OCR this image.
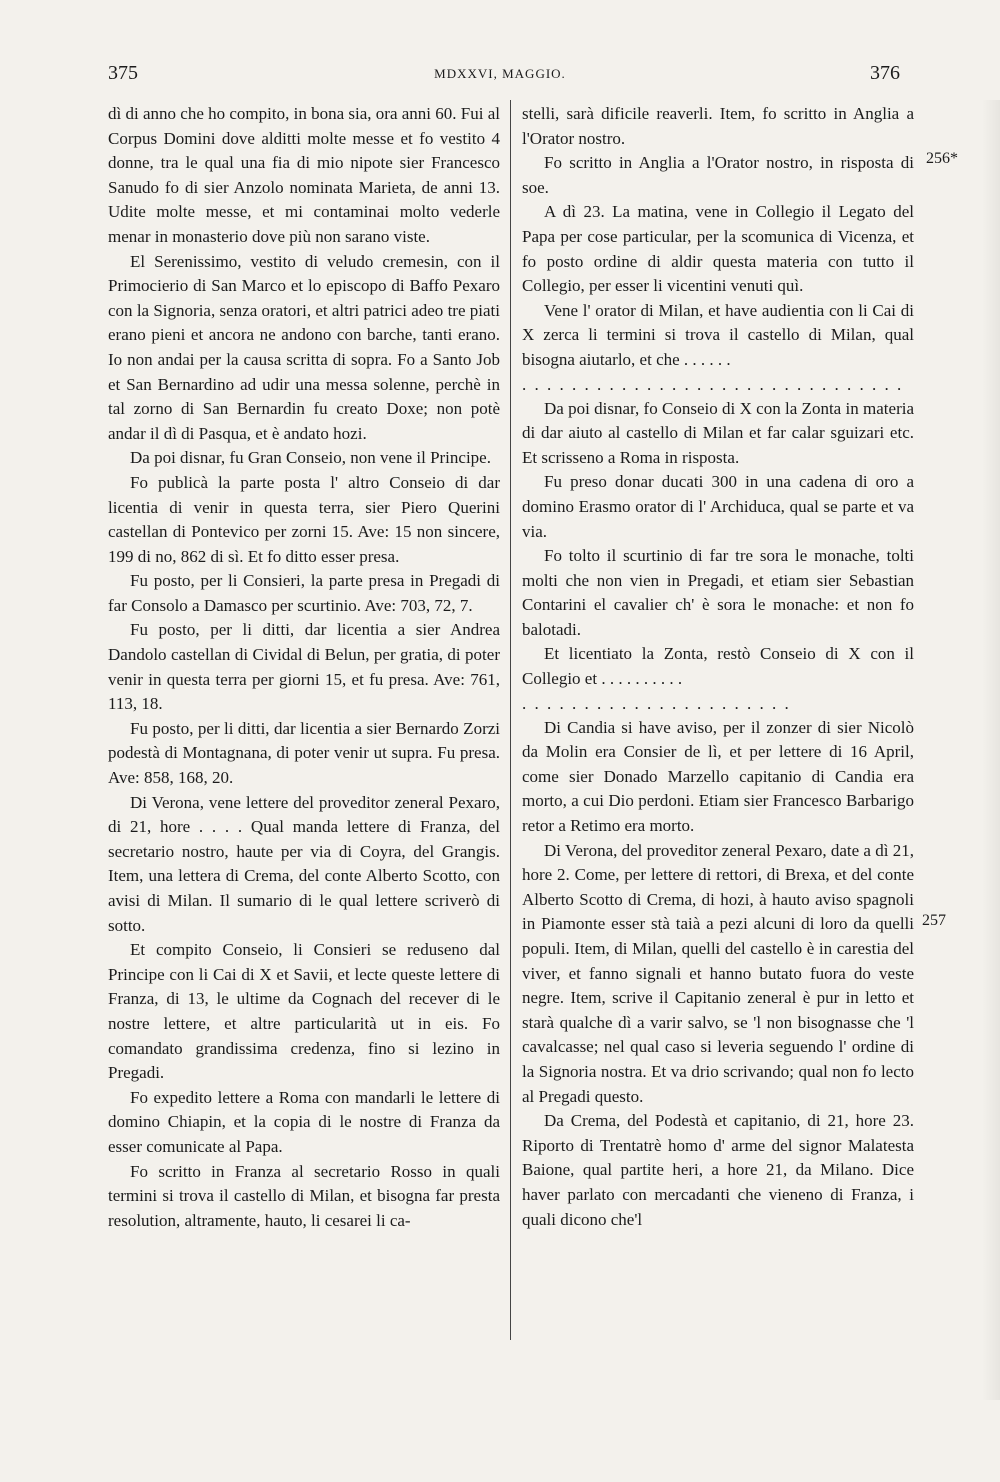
375	MDXXVI, MAGGIO.	376

dì di anno che ho compito, in bona sia, ora anni 60. Fui al Corpus Domini dove alditti molte messe et fo vestito 4 donne, tra le qual una fia di mio nipote sier Francesco Sanudo fo di sier Anzolo nominata Marieta, de anni 13. Udite molte messe, et mi contaminai molto vederle menar in monasterio dove più non sarano viste.

El Serenissimo, vestito di veludo cremesin, con il Primocierio di San Marco et lo episcopo di Baffo Pexaro con la Signoria, senza oratori, et altri patrici adeo tre piati erano pieni et ancora ne andono con barche, tanti erano. Io non andai per la causa scritta di sopra. Fo a Santo Job et San Bernardino ad udir una messa solenne, perchè in tal zorno di San Bernardin fu creato Doxe; non potè andar il dì di Pasqua, et è andato hozi.

Da poi disnar, fu Gran Conseio, non vene il Principe.

Fo publicà la parte posta l' altro Conseio di dar licentia di venir in questa terra, sier Piero Querini castellan di Pontevico per zorni 15. Ave: 15 non sincere, 199 di no, 862 di sì. Et fo ditto esser presa.

Fu posto, per li Consieri, la parte presa in Pregadi di far Consolo a Damasco per scurtinio. Ave: 703, 72, 7.

Fu posto, per li ditti, dar licentia a sier Andrea Dandolo castellan di Cividal di Belun, per gratia, di poter venir in questa terra per giorni 15, et fu presa. Ave: 761, 113, 18.

Fu posto, per li ditti, dar licentia a sier Bernardo Zorzi podestà di Montagnana, di poter venir ut supra. Fu presa. Ave: 858, 168, 20.

Di Verona, vene lettere del proveditor zeneral Pexaro, di 21, hore . . . . Qual manda lettere di Franza, del secretario nostro, haute per via di Coyra, del Grangis. Item, una lettera di Crema, del conte Alberto Scotto, con avisi di Milan. Il sumario di le qual lettere scriverò di sotto.

Et compito Conseio, li Consieri se reduseno dal Principe con li Cai di X et Savii, et lecte queste lettere di Franza, di 13, le ultime da Cognach del recever di le nostre lettere, et altre particularità ut in eis. Fo comandato grandissima credenza, fino si lezino in Pregadi.

Fo expedito lettere a Roma con mandarli le lettere di domino Chiapin, et la copia di le nostre di Franza da esser comunicate al Papa.

Fo scritto in Franza al secretario Rosso in quali termini si trova il castello di Milan, et bisogna far presta resolution, altramente, hauto, li cesarei li ca-

stelli, sarà dificile reaverli. Item, fo scritto in Anglia a l'Orator nostro.

Fo scritto in Anglia a l'Orator nostro, in risposta di soe.

A dì 23. La matina, vene in Collegio il Legato del Papa per cose particular, per la scomunica di Vicenza, et fo posto ordine di aldir questa materia con tutto il Collegio, per esser li vicentini venuti quì.

Vene l' orator di Milan, et have audientia con li Cai di X zerca li termini si trova il castello di Milan, qual bisogna aiutarlo, et che . . . . . .

. . . . . . . . . . . . . . . . . . . . . . . . . . . . . . .

Da poi disnar, fo Conseio di X con la Zonta in materia di dar aiuto al castello di Milan et far calar sguizari etc. Et scrisseno a Roma in risposta.

Fu preso donar ducati 300 in una cadena di oro a domino Erasmo orator di l' Archiduca, qual se parte et va via.

Fo tolto il scurtinio di far tre sora le monache, tolti molti che non vien in Pregadi, et etiam sier Sebastian Contarini el cavalier ch' è sora le monache: et non fo balotadi.

Et licentiato la Zonta, restò Conseio di X con il Collegio et . . . . . . . . . .

. . . . . . . . . . . . . . . . . . . . . .

Di Candia si have aviso, per il zonzer di sier Nicolò da Molin era Consier de lì, et per lettere di 16 April, come sier Donado Marzello capitanio di Candia era morto, a cui Dio perdoni. Etiam sier Francesco Barbarigo retor a Retimo era morto.

Di Verona, del proveditor zeneral Pexaro, date a dì 21, hore 2. Come, per lettere di rettori, di Brexa, et del conte Alberto Scotto di Crema, di hozi, à hauto aviso spagnoli in Piamonte esser stà taià a pezi alcuni di loro da quelli populi. Item, di Milan, quelli del castello è in carestia del viver, et fanno signali et hanno butato fuora do veste negre. Item, scrive il Capitanio zeneral è pur in letto et starà qualche dì a varir salvo, se 'l non bisognasse che 'l cavalcasse; nel qual caso si leveria seguendo l' ordine di la Signoria nostra. Et va drio scrivando; qual non fo lecto al Pregadi questo.

Da Crema, del Podestà et capitanio, di 21, hore 23. Riporto di Trentatrè homo d' arme del signor Malatesta Baione, qual partite heri, a hore 21, da Milano. Dice haver parlato con mercadanti che vieneno di Franza, i quali dicono che'l

256*
257
